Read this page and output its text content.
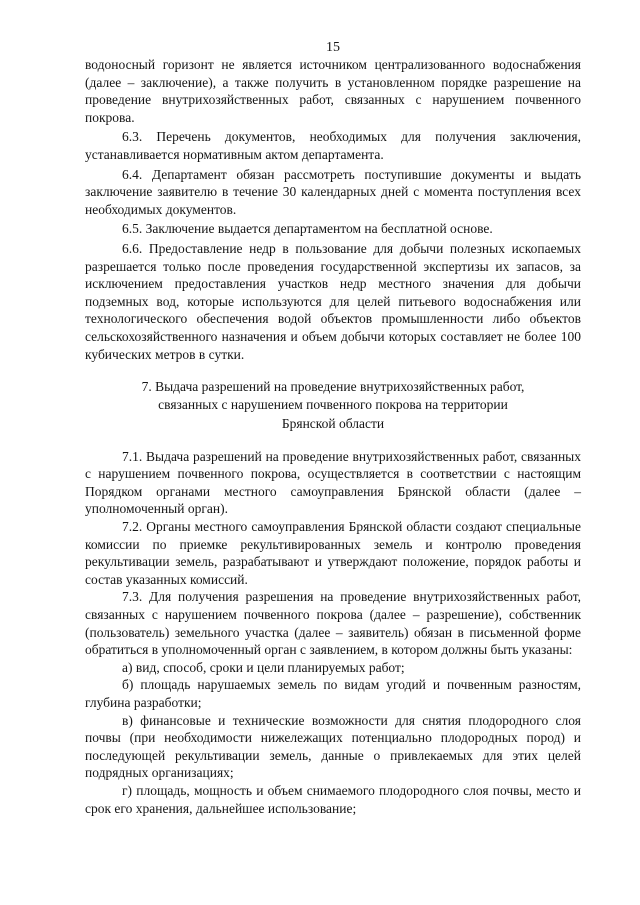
15

водоносный горизонт не является источником централизованного водоснабжения (далее – заключение), а также получить в установленном порядке разрешение на проведение внутрихозяйственных работ, связанных с нарушением почвенного покрова.

6.3. Перечень документов, необходимых для получения заключения, устанавливается нормативным актом департамента.

6.4. Департамент обязан рассмотреть поступившие документы и выдать заключение заявителю в течение 30 календарных дней с момента поступления всех необходимых документов.

6.5. Заключение выдается департаментом на бесплатной основе.

6.6. Предоставление недр в пользование для добычи полезных ископаемых разрешается только после проведения государственной экспертизы их запасов, за исключением предоставления участков недр местного значения для добычи подземных вод, которые используются для целей питьевого водоснабжения или технологического обеспечения водой объектов промышленности либо объектов сельскохозяйственного назначения и объем добычи которых составляет не более 100 кубических метров в сутки.

7. Выдача разрешений на проведение внутрихозяйственных работ,
связанных с нарушением почвенного покрова на территории
Брянской области

7.1. Выдача разрешений на проведение внутрихозяйственных работ, связанных с нарушением почвенного покрова, осуществляется в соответствии с настоящим Порядком органами местного самоуправления Брянской области (далее – уполномоченный орган).

7.2. Органы местного самоуправления Брянской области создают специальные комиссии по приемке рекультивированных земель и контролю проведения рекультивации земель, разрабатывают и утверждают положение, порядок работы и состав указанных комиссий.

7.3. Для получения разрешения на проведение внутрихозяйственных работ, связанных с нарушением почвенного покрова (далее – разрешение), собственник (пользователь) земельного участка (далее – заявитель) обязан в письменной форме обратиться в уполномоченный орган с заявлением, в котором должны быть указаны:

а) вид, способ, сроки и цели планируемых работ;

б) площадь нарушаемых земель по видам угодий и почвенным разностям, глубина разработки;

в) финансовые и технические возможности для снятия плодородного слоя почвы (при необходимости нижележащих потенциально плодородных пород) и последующей рекультивации земель, данные о привлекаемых для этих целей подрядных организациях;

г) площадь, мощность и объем снимаемого плодородного слоя почвы, место и срок его хранения, дальнейшее использование;
